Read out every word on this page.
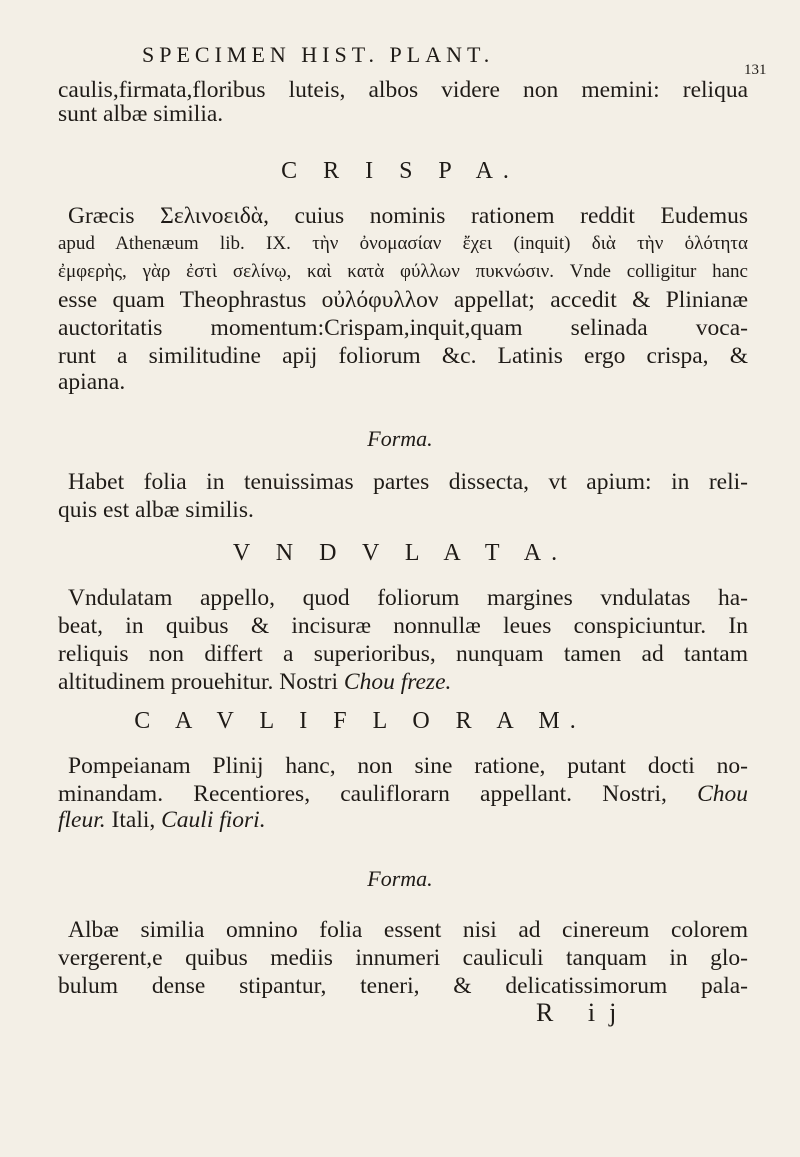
SPECIMEN HIST. PLANT.
131
caulis,firmata,floribus luteis, albos videre non memini: reliqua
sunt albæ similia.
C R I S P A.
Græcis Σελινοειδὰ, cuius nominis rationem reddit Eudemus
apud Athenæum lib. IX. τὴν ὀνομασίαν ἔχει (inquit) διὰ τὴν ὁλότητα
ἐμφερὴς, γὰρ ἐστὶ σελίνῳ, καὶ κατὰ φύλλων πυκνώσιν. Vnde colligitur hanc
esse quam Theophrastus οὐλόφυλλον appellat; accedit & Plinianæ
auctoritatis momentum:Crispam,inquit,quam selinada voca-
runt a similitudine apij foliorum &c. Latinis ergo crispa, &
apiana.
Forma.
Habet folia in tenuissimas partes dissecta, vt apium: in reli-
quis est albæ similis.
V N D V L A T A.
Vndulatam appello, quod foliorum margines vndulatas ha-
beat, in quibus & incisuræ nonnullæ leues conspiciuntur. In
reliquis non differt a superioribus, nunquam tamen ad tantam
altitudinem prouehitur. Nostri Chou freze.
C A V L I F L O R A M.
Pompeianam Plinij hanc, non sine ratione, putant docti no-
minandam. Recentiores, cauliflorarn appellant. Nostri, Chou
fleur. Itali, Cauli fiori.
Forma.
Albæ similia omnino folia essent nisi ad cinereum colorem
vergerent,e quibus mediis innumeri cauliculi tanquam in glo-
bulum dense stipantur, teneri, & delicatissimorum pala-
R ij
